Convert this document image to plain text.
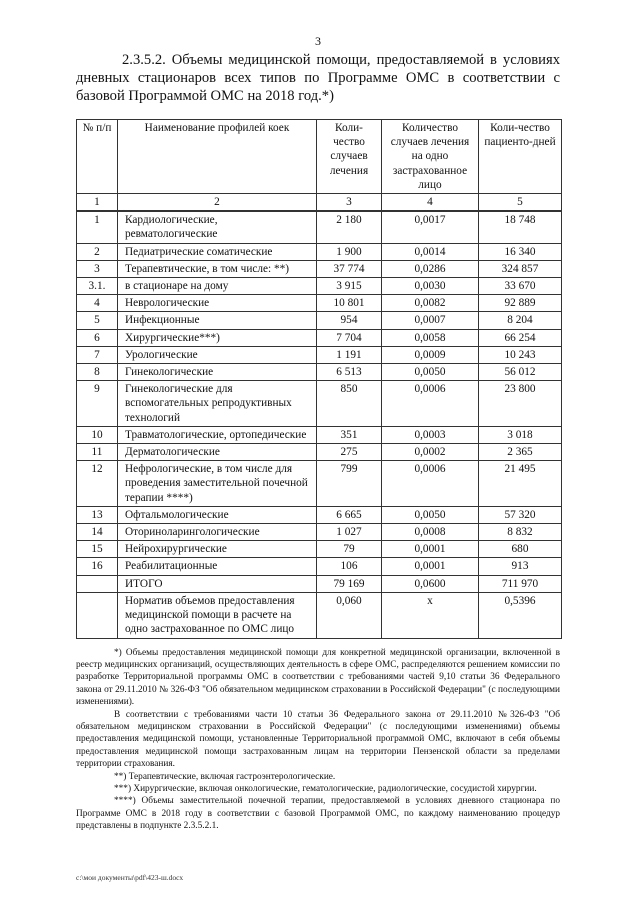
3
2.3.5.2. Объемы медицинской помощи, предоставляемой в условиях дневных стационаров всех типов по Программе ОМС в соответствии с базовой Программой ОМС на 2018 год.*)
№ п/п	Наименование профилей коек	Коли-чество случаев лечения	Количество случаев лечения на одно застрахованное лицо	Коли-чество пациенто-дней
1	2	3	4	5
1	Кардиологические, ревматологические	2 180	0,0017	18 748
2	Педиатрические соматические	1 900	0,0014	16 340
3	Терапевтические, в том числе: **)	37 774	0,0286	324 857
3.1.	в стационаре на дому	3 915	0,0030	33 670
4	Неврологические	10 801	0,0082	92 889
5	Инфекционные	954	0,0007	8 204
6	Хирургические***)	7 704	0,0058	66 254
7	Урологические	1 191	0,0009	10 243
8	Гинекологические	6 513	0,0050	56 012
9	Гинекологические для вспомогательных репродуктивных технологий	850	0,0006	23 800
10	Травматологические, ортопедические	351	0,0003	3 018
11	Дерматологические	275	0,0002	2 365
12	Нефрологические, в том числе для проведения заместительной почечной терапии ****)	799	0,0006	21 495
13	Офтальмологические	6 665	0,0050	57 320
14	Оториноларингологические	1 027	0,0008	8 832
15	Нейрохирургические	79	0,0001	680
16	Реабилитационные	106	0,0001	913
	ИТОГО	79 169	0,0600	711 970
	Норматив объемов предоставления медицинской помощи в расчете на одно застрахованное по ОМС лицо	0,060	х	0,5396

*) Объемы предоставления медицинской помощи для конкретной медицинской организации, включенной в реестр медицинских организаций, осуществляющих деятельность в сфере ОМС, распределяются решением комиссии по разработке Территориальной программы ОМС в соответствии с требованиями частей 9,10 статьи 36 Федерального закона от 29.11.2010 № 326-ФЗ "Об обязательном медицинском страховании в Российской Федерации" (с последующими изменениями).

В соответствии с требованиями части 10 статьи 36 Федерального закона от 29.11.2010 №326-ФЗ "Об обязательном медицинском страховании в Российской Федерации" (с последующими изменениями) объемы предоставления медицинской помощи, установленные Территориальной программой ОМС, включают в себя объемы предоставления медицинской помощи застрахованным лицам на территории Пензенской области за пределами территории страхования.

**) Терапевтические, включая гастроэнтерологические.

***) Хирургические, включая онкологические, гематологические, радиологические, сосудистой хирургии.

****) Объемы заместительной почечной терапии, предоставляемой в условиях дневного стационара по Программе ОМС в 2018 году в соответствии с базовой Программой ОМС, по каждому наименованию процедур представлены в подпункте 2.3.5.2.1.

c:\мои документы\pdf\423-ш.docx
